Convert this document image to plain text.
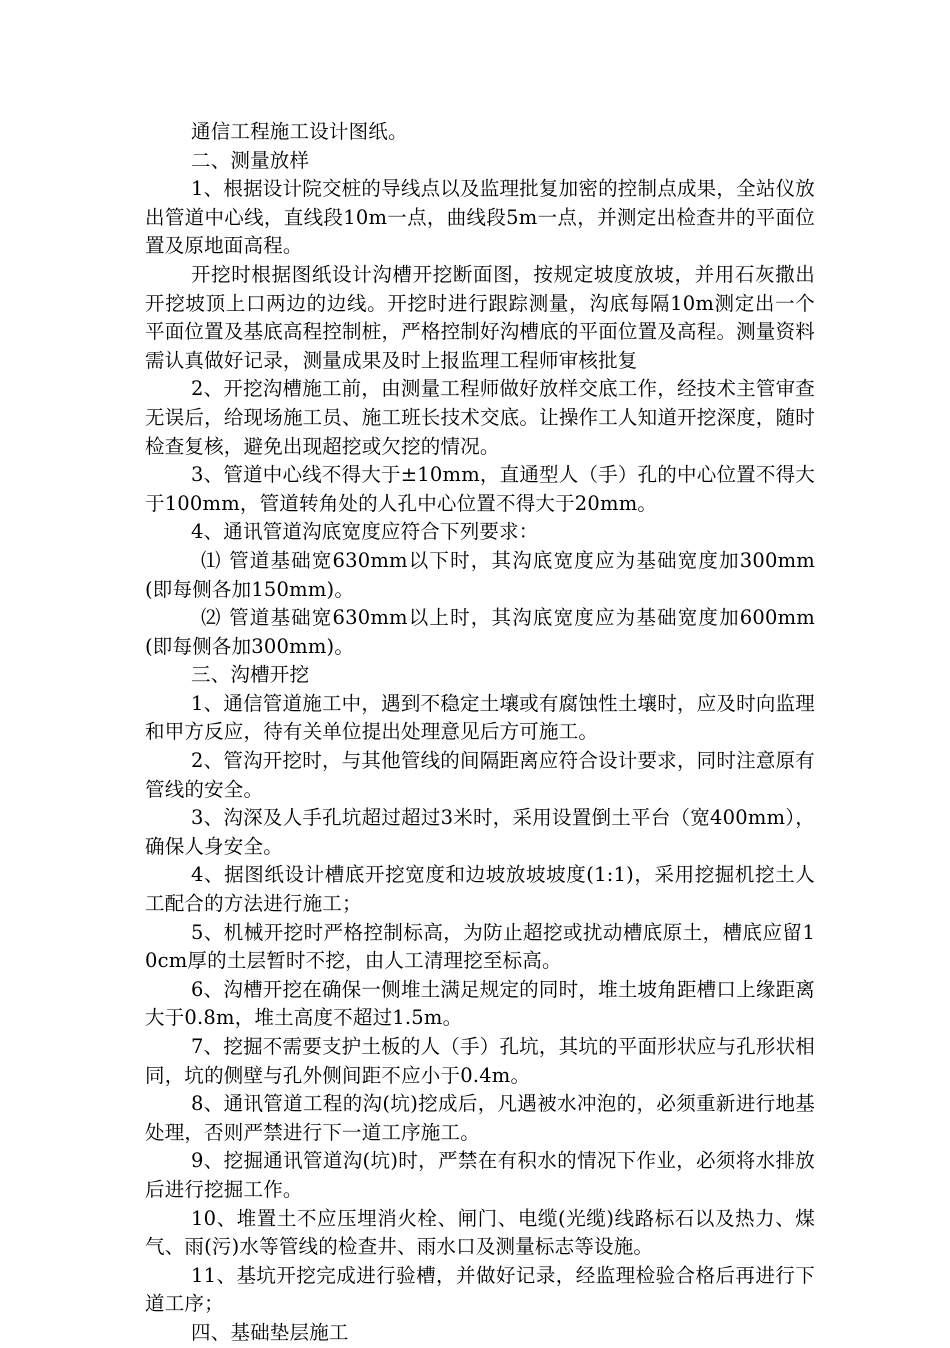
通信工程施工设计图纸。

二、测量放样

1、根据设计院交桩的导线点以及监理批复加密的控制点成果，全站仪放出管道中心线，直线段10m一点，曲线段5m一点，并测定出检查井的平面位置及原地面高程。

开挖时根据图纸设计沟槽开挖断面图，按规定坡度放坡，并用石灰撒出开挖坡顶上口两边的边线。开挖时进行跟踪测量，沟底每隔10m测定出一个平面位置及基底高程控制桩，严格控制好沟槽底的平面位置及高程。测量资料需认真做好记录，测量成果及时上报监理工程师审核批复

2、开挖沟槽施工前，由测量工程师做好放样交底工作，经技术主管审查无误后，给现场施工员、施工班长技术交底。让操作工人知道开挖深度，随时检查复核，避免出现超挖或欠挖的情况。

3、管道中心线不得大于±10mm，直通型人（手）孔的中心位置不得大于100mm，管道转角处的人孔中心位置不得大于20mm。

4、通讯管道沟底宽度应符合下列要求：

⑴ 管道基础宽630mm以下时，其沟底宽度应为基础宽度加300mm(即每侧各加150mm)。

⑵ 管道基础宽630mm以上时，其沟底宽度应为基础宽度加600mm(即每侧各加300mm)。

三、沟槽开挖

1、通信管道施工中，遇到不稳定土壤或有腐蚀性土壤时，应及时向监理和甲方反应，待有关单位提出处理意见后方可施工。

2、管沟开挖时，与其他管线的间隔距离应符合设计要求，同时注意原有管线的安全。

3、沟深及人手孔坑超过超过3米时，采用设置倒土平台（宽400mm），确保人身安全。

4、据图纸设计槽底开挖宽度和边坡放坡坡度(1:1)，采用挖掘机挖土人工配合的方法进行施工；

5、机械开挖时严格控制标高，为防止超挖或扰动槽底原土，槽底应留10cm厚的土层暂时不挖，由人工清理挖至标高。

6、沟槽开挖在确保一侧堆土满足规定的同时，堆土坡角距槽口上缘距离大于0.8m，堆土高度不超过1.5m。

7、挖掘不需要支护土板的人（手）孔坑，其坑的平面形状应与孔形状相同，坑的侧壁与孔外侧间距不应小于0.4m。

8、通讯管道工程的沟(坑)挖成后，凡遇被水冲泡的，必须重新进行地基处理，否则严禁进行下一道工序施工。

9、挖掘通讯管道沟(坑)时，严禁在有积水的情况下作业，必须将水排放后进行挖掘工作。

10、堆置土不应压埋消火栓、闸门、电缆(光缆)线路标石以及热力、煤气、雨(污)水等管线的检查井、雨水口及测量标志等设施。

11、基坑开挖完成进行验槽，并做好记录，经监理检验合格后再进行下道工序；

四、基础垫层施工
